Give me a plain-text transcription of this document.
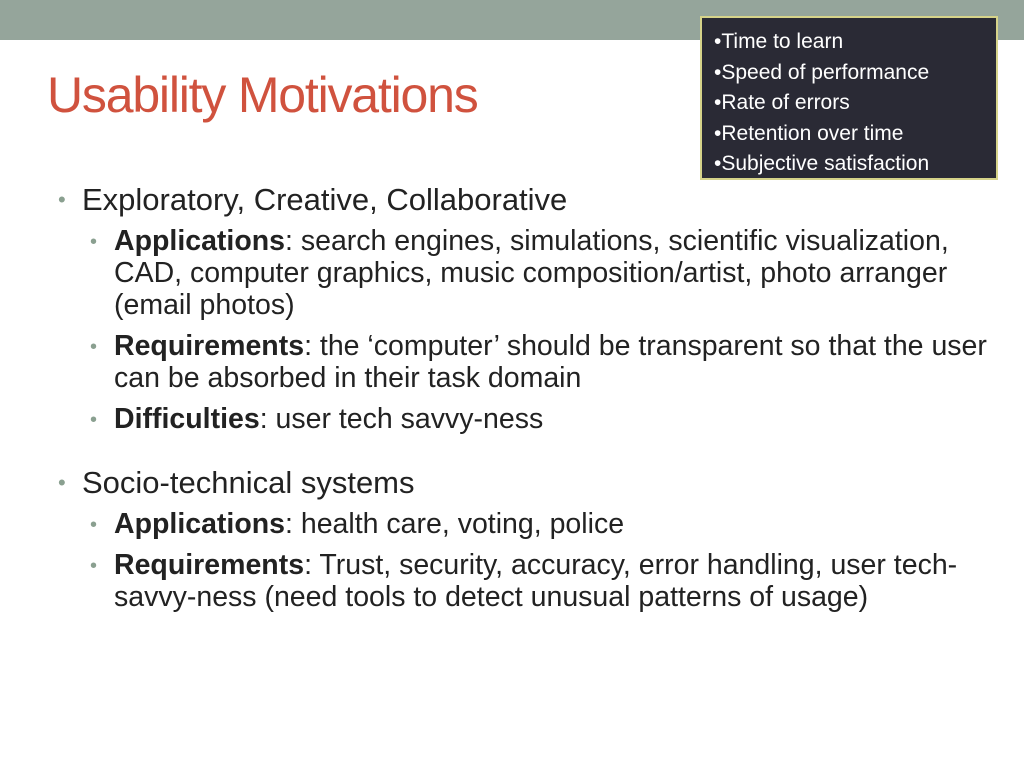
Usability Motivations
•Time to learn
•Speed of performance
•Rate of errors
•Retention over time
•Subjective satisfaction
• Exploratory, Creative, Collaborative
• Applications: search engines, simulations, scientific visualization, CAD, computer graphics, music composition/artist, photo arranger (email photos)
• Requirements: the ‘computer’ should be transparent so that the user can be absorbed in their task domain
• Difficulties: user tech savvy-ness
• Socio-technical systems
• Applications: health care, voting, police
• Requirements: Trust, security, accuracy, error handling, user tech-savvy-ness (need tools to detect unusual patterns of usage)
